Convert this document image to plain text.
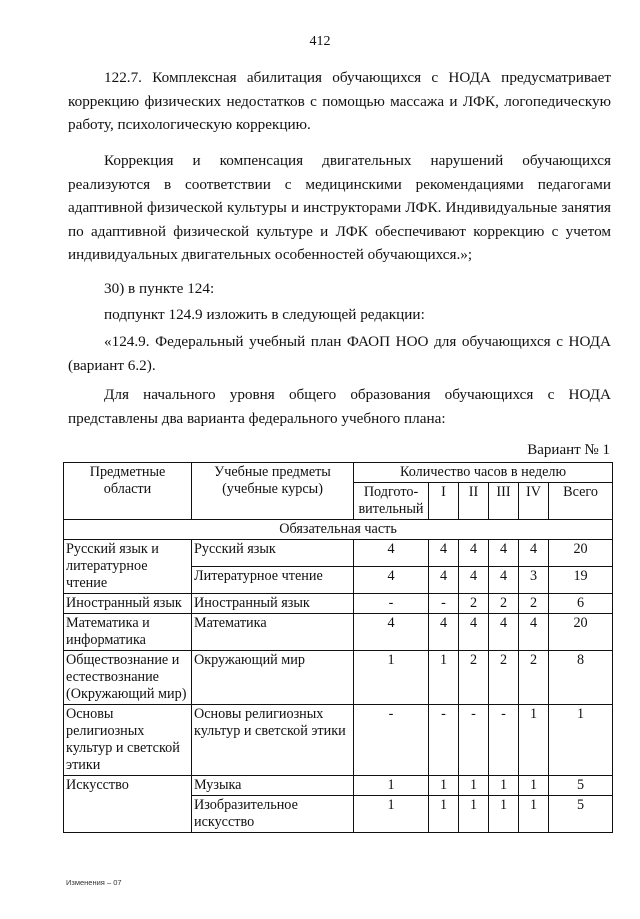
412

122.7. Комплексная абилитация обучающихся с НОДА предусматривает коррекцию физических недостатков с помощью массажа и ЛФК, логопедическую работу, психологическую коррекцию.

Коррекция и компенсация двигательных нарушений обучающихся реализуются в соответствии с медицинскими рекомендациями педагогами адаптивной физической культуры и инструкторами ЛФК. Индивидуальные занятия по адаптивной физической культуре и ЛФК обеспечивают коррекцию с учетом индивидуальных двигательных особенностей обучающихся.»;

30) в пункте 124:

подпункт 124.9 изложить в следующей редакции:

«124.9. Федеральный учебный план ФАОП НОО для обучающихся с НОДА (вариант 6.2).

Для начального уровня общего образования обучающихся с НОДА представлены два варианта федерального учебного плана:

Вариант № 1
Предметные области	Учебные предметы (учебные курсы)	Количество часов в неделю					
		Подгото-вительный	I	II	III	IV	Всего
Обязательная часть							
Русский язык и литературное чтение	Русский язык	4	4	4	4	4	20
	Литературное чтение	4	4	4	4	3	19
Иностранный язык	Иностранный язык	-	-	2	2	2	6
Математика и информатика	Математика	4	4	4	4	4	20
Обществознание и естествознание (Окружающий мир)	Окружающий мир	1	1	2	2	2	8
Основы религиозных культур и светской этики	Основы религиозных культур и светской этики	-	-	-	-	1	1
Искусство	Музыка	1	1	1	1	1	5
	Изобразительное искусство	1	1	1	1	1	5
Изменения – 07
